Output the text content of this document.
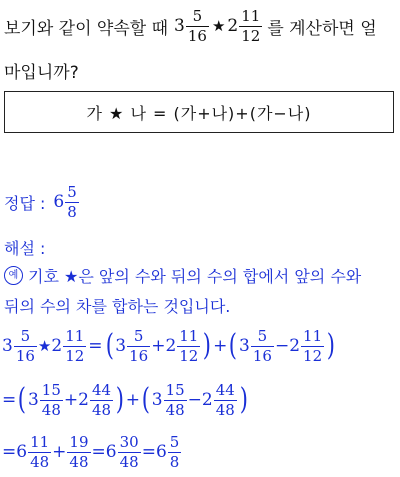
보기와 같이 약속할 때 $3 \frac{5}{16}$ ★ $2 \frac{11}{12}$ 를 계산하면 얼
마입니까?
가 ★ 나 = (가+나)+(가−나)
정답 : $6 \frac{5}{8}$
해설 :
예 기호 ★은 앞의 수와 뒤의 수의 합에서 앞의 수와
뒤의 수의 차를 합하는 것입니다.
$3 \frac{5}{16}$ ★ $2 \frac{11}{12}$ = ( $3 \frac{5}{16} + 2 \frac{11}{12}$ ) + ( $3 \frac{5}{16} - 2 \frac{11}{12}$ )
= ( $3 \frac{15}{48} + 2 \frac{44}{48}$ ) + ( $3 \frac{15}{48} - 2 \frac{44}{48}$ )
= $6 \frac{11}{48} + \frac{19}{48} = 6 \frac{30}{48} = 6 \frac{5}{8}$
